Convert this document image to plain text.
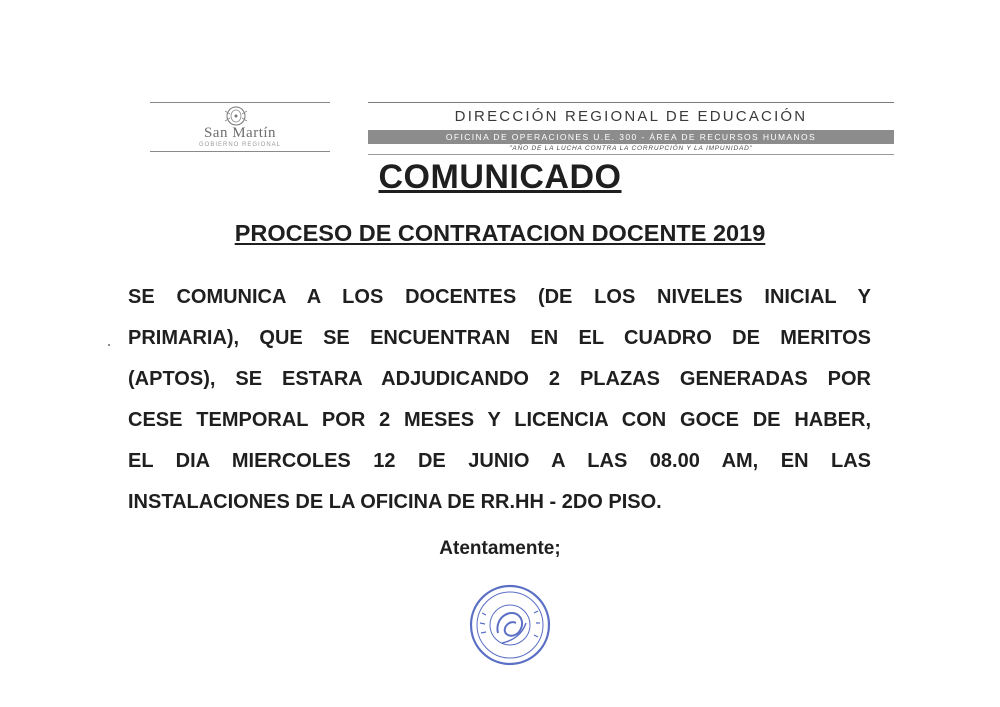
San Martín
GOBIERNO REGIONAL
DIRECCIÓN REGIONAL DE EDUCACIÓN
OFICINA DE OPERACIONES U.E. 300 - ÁREA DE RECURSOS HUMANOS
"AÑO DE LA LUCHA CONTRA LA CORRUPCIÓN Y LA IMPUNIDAD"
COMUNICADO
PROCESO DE CONTRATACION DOCENTE 2019
SE COMUNICA A LOS DOCENTES (DE LOS NIVELES INICIAL Y
PRIMARIA), QUE SE ENCUENTRAN EN EL CUADRO DE MERITOS
(APTOS), SE ESTARA ADJUDICANDO 2 PLAZAS GENERADAS POR
CESE TEMPORAL POR 2 MESES Y LICENCIA CON GOCE DE HABER,
EL DIA MIERCOLES 12 DE JUNIO A LAS 08.00 AM, EN LAS
INSTALACIONES DE LA OFICINA DE RR.HH - 2DO PISO.
Atentamente;
